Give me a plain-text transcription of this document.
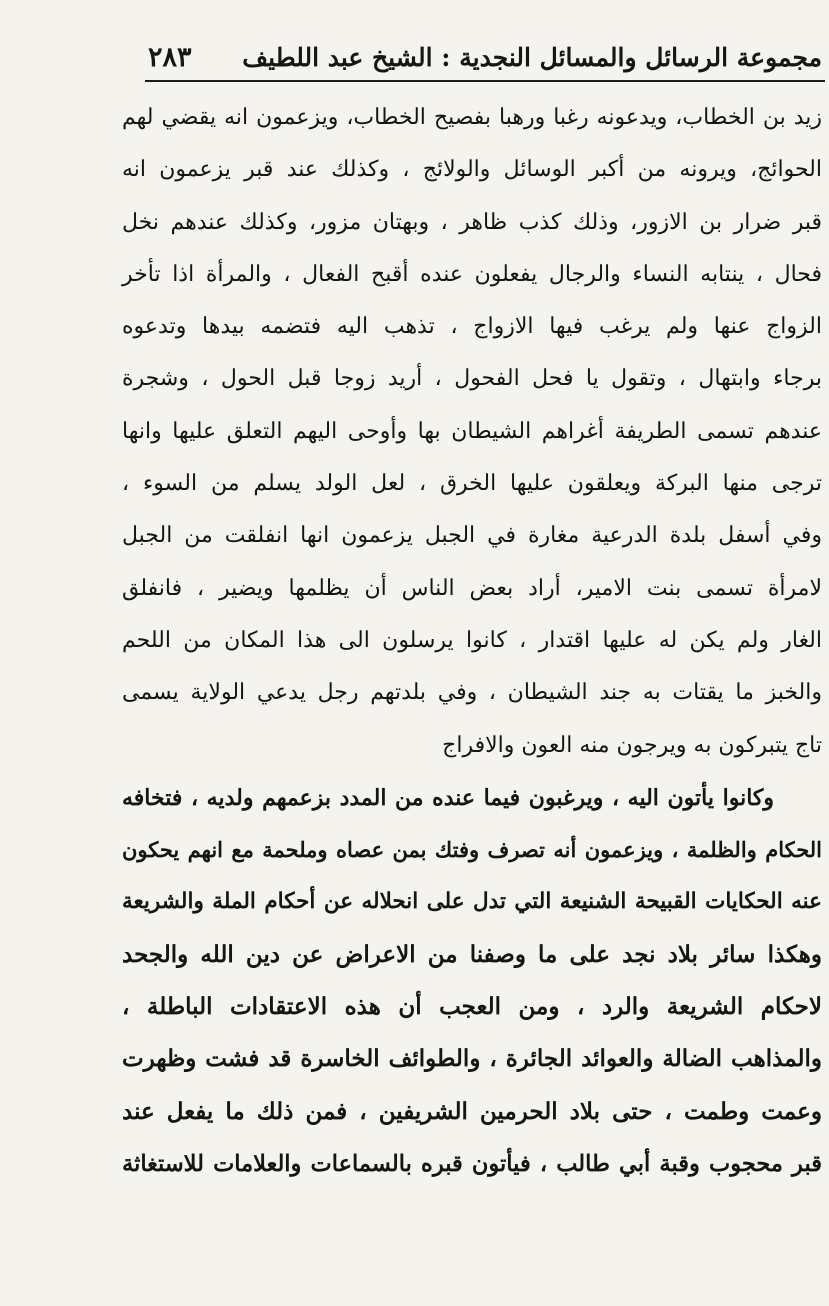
مجموعة الرسائل والمسائل النجدية : الشيخ عبد اللطيف
٢٨٣
زيد بن الخطاب، ويدعونه رغبا ورهبا بفصيح الخطاب، ويزعمون انه يقضي لهم
الحوائج، ويرونه من أكبر الوسائل والولائج ، وكذلك عند قبر يزعمون انه
قبر ضرار بن الازور، وذلك كذب ظاهر ، وبهتان مزور، وكذلك عندهم نخل
فحال ، ينتابه النساء والرجال يفعلون عنده أقبح الفعال ، والمرأة اذا تأخر
الزواج عنها ولم يرغب فيها الازواج ، تذهب اليه فتضمه بيدها وتدعوه
برجاء وابتهال ، وتقول يا فحل الفحول ، أريد زوجا قبل الحول ، وشجرة
عندهم تسمى الطريفة أغراهم الشيطان بها وأوحى اليهم التعلق عليها وانها
ترجى منها البركة ويعلقون عليها الخرق ، لعل الولد يسلم من السوء ،
وفي أسفل بلدة الدرعية مغارة في الجبل يزعمون انها انفلقت من الجبل
لامرأة تسمى بنت الامير، أراد بعض الناس أن يظلمها ويضير ، فانفلق
الغار ولم يكن له عليها اقتدار ، كانوا يرسلون الى هذا المكان من اللحم
والخبز ما يقتات به جند الشيطان ، وفي بلدتهم رجل يدعي الولاية يسمى
تاج يتبركون به ويرجون منه العون والافراج
وكانوا يأتون اليه ، ويرغبون فيما عنده من المدد بزعمهم ولديه ، فتخافه
الحكام والظلمة ، ويزعمون أنه تصرف وفتك بمن عصاه وملحمة مع انهم يحكون
عنه الحكايات القبيحة الشنيعة التي تدل على انحلاله عن أحكام الملة والشريعة
وهكذا سائر بلاد نجد على ما وصفنا من الاعراض عن دين الله والجحد
لاحكام الشريعة والرد ، ومن العجب أن هذه الاعتقادات الباطلة ،
والمذاهب الضالة والعوائد الجائرة ، والطوائف الخاسرة قد فشت وظهرت
وعمت وطمت ، حتى بلاد الحرمين الشريفين ، فمن ذلك ما يفعل عند
قبر محجوب وقبة أبي طالب ، فيأتون قبره بالسماعات والعلامات للاستغاثة
